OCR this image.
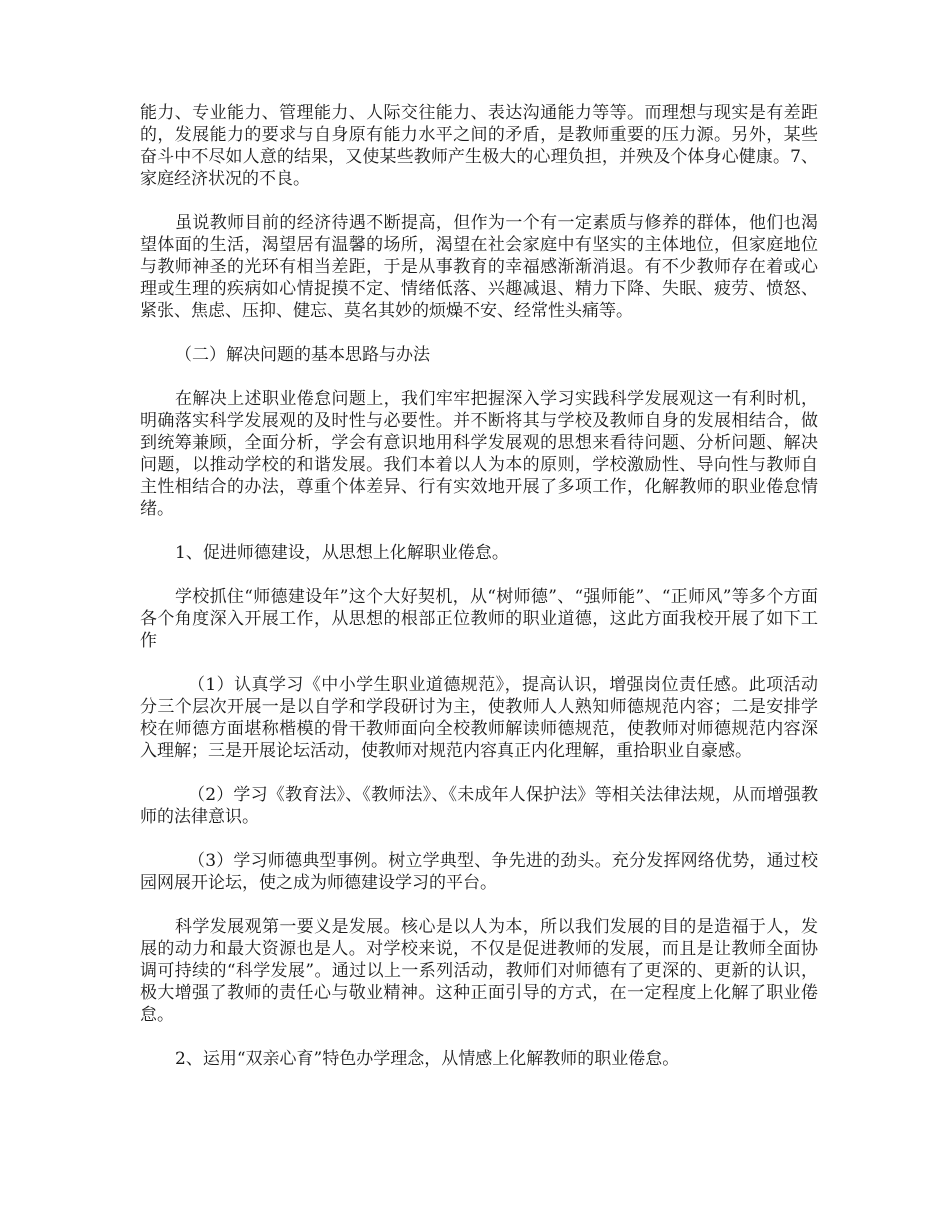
能力、专业能力、管理能力、人际交往能力、表达沟通能力等等。而理想与现实是有差距的，发展能力的要求与自身原有能力水平之间的矛盾，是教师重要的压力源。另外，某些奋斗中不尽如人意的结果，又使某些教师产生极大的心理负担，并殃及个体身心健康。7、家庭经济状况的不良。

虽说教师目前的经济待遇不断提高，但作为一个有一定素质与修养的群体，他们也渴望体面的生活，渴望居有温馨的场所，渴望在社会家庭中有坚实的主体地位，但家庭地位与教师神圣的光环有相当差距，于是从事教育的幸福感渐渐消退。有不少教师存在着或心理或生理的疾病如心情捉摸不定、情绪低落、兴趣减退、精力下降、失眠、疲劳、愤怒、紧张、焦虑、压抑、健忘、莫名其妙的烦燥不安、经常性头痛等。

（二）解决问题的基本思路与办法

在解决上述职业倦怠问题上，我们牢牢把握深入学习实践科学发展观这一有利时机，明确落实科学发展观的及时性与必要性。并不断将其与学校及教师自身的发展相结合，做到统筹兼顾，全面分析，学会有意识地用科学发展观的思想来看待问题、分析问题、解决问题，以推动学校的和谐发展。我们本着以人为本的原则，学校激励性、导向性与教师自主性相结合的办法，尊重个体差异、行有实效地开展了多项工作，化解教师的职业倦怠情绪。

1、促进师德建设，从思想上化解职业倦怠。

学校抓住“师德建设年”这个大好契机，从“树师德”、“强师能”、“正师风”等多个方面各个角度深入开展工作，从思想的根部正位教师的职业道德，这此方面我校开展了如下工作

（1）认真学习《中小学生职业道德规范》，提高认识，增强岗位责任感。此项活动分三个层次开展一是以自学和学段研讨为主，使教师人人熟知师德规范内容；二是安排学校在师德方面堪称楷模的骨干教师面向全校教师解读师德规范，使教师对师德规范内容深入理解；三是开展论坛活动，使教师对规范内容真正内化理解，重拾职业自豪感。

（2）学习《教育法》、《教师法》、《未成年人保护法》等相关法律法规，从而增强教师的法律意识。

（3）学习师德典型事例。树立学典型、争先进的劲头。充分发挥网络优势，通过校园网展开论坛，使之成为师德建设学习的平台。

科学发展观第一要义是发展。核心是以人为本，所以我们发展的目的是造福于人，发展的动力和最大资源也是人。对学校来说，不仅是促进教师的发展，而且是让教师全面协调可持续的“科学发展”。通过以上一系列活动，教师们对师德有了更深的、更新的认识，极大增强了教师的责任心与敬业精神。这种正面引导的方式，在一定程度上化解了职业倦怠。

2、运用“双亲心育”特色办学理念，从情感上化解教师的职业倦怠。
